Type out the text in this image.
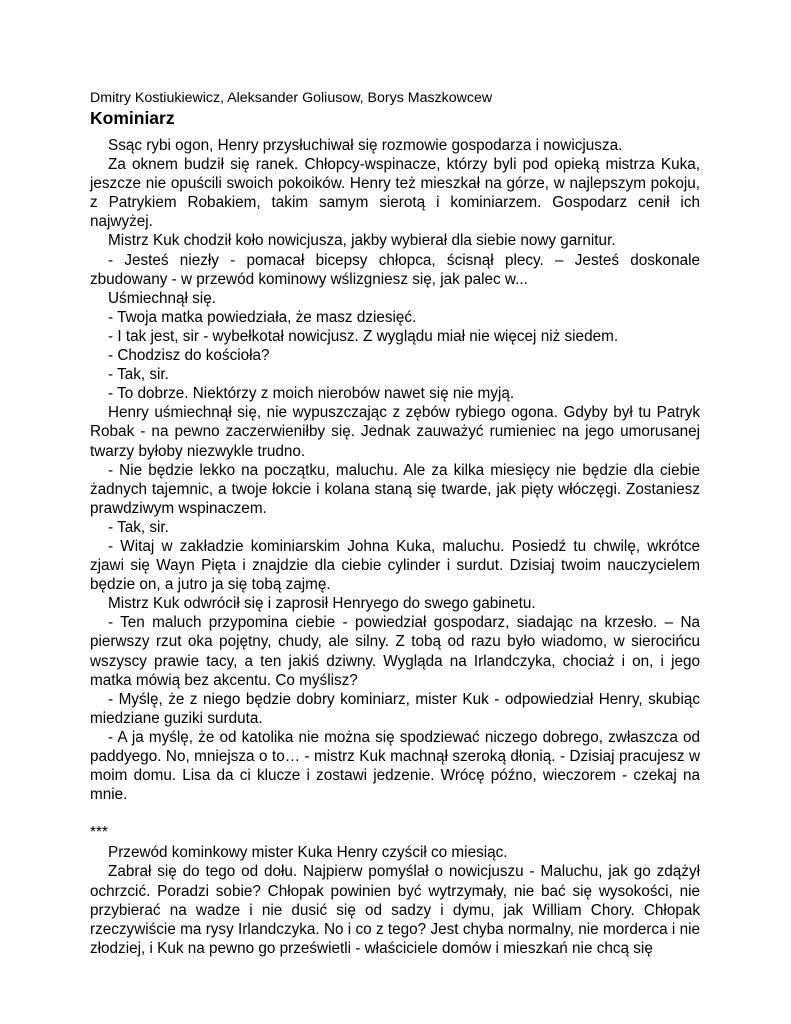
Dmitry Kostiukiewicz, Aleksander Goliusow, Borys Maszkowcew

Kominiarz

Ssąc rybi ogon, Henry przysłuchiwał się rozmowie gospodarza i nowicjusza.

Za oknem budził się ranek. Chłopcy-wspinacze, którzy byli pod opieką mistrza Kuka, jeszcze nie opuścili swoich pokoików. Henry też mieszkał na górze, w najlepszym pokoju, z Patrykiem Robakiem, takim samym sierotą i kominiarzem. Gospodarz cenił ich najwyżej.

Mistrz Kuk chodził koło nowicjusza, jakby wybierał dla siebie nowy garnitur.

- Jesteś niezły - pomacał bicepsy chłopca, ścisnął plecy. – Jesteś doskonale zbudowany - w przewód kominowy wślizgniesz się, jak palec w...

Uśmiechnął się.

- Twoja matka powiedziała, że masz dziesięć.

- I tak jest, sir - wybełkotał nowicjusz. Z wyglądu miał nie więcej niż siedem.

- Chodzisz do kościoła?

- Tak, sir.

- To dobrze. Niektórzy z moich nierobów nawet się nie myją.

Henry uśmiechnął się, nie wypuszczając z zębów rybiego ogona. Gdyby był tu Patryk Robak - na pewno zaczerwieniłby się. Jednak zauważyć rumieniec na jego umorusanej twarzy byłoby niezwykle trudno.

- Nie będzie lekko na początku, maluchu. Ale za kilka miesięcy nie będzie dla ciebie żadnych tajemnic, a twoje łokcie i kolana staną się twarde, jak pięty włóczęgi. Zostaniesz prawdziwym wspinaczem.

- Tak, sir.

- Witaj w zakładzie kominiarskim Johna Kuka, maluchu. Posiedź tu chwilę, wkrótce zjawi się Wayn Pięta i znajdzie dla ciebie cylinder i surdut. Dzisiaj twoim nauczycielem będzie on, a jutro ja się tobą zajmę.

Mistrz Kuk odwrócił się i zaprosił Henryego do swego gabinetu.

- Ten maluch przypomina ciebie - powiedział gospodarz, siadając na krzesło. – Na pierwszy rzut oka pojętny, chudy, ale silny. Z tobą od razu było wiadomo, w sierocińcu wszyscy prawie tacy, a ten jakiś dziwny. Wygląda na Irlandczyka, chociaż i on, i jego matka mówią bez akcentu. Co myślisz?

- Myślę, że z niego będzie dobry kominiarz, mister Kuk - odpowiedział Henry, skubiąc miedziane guziki surduta.

- A ja myślę, że od katolika nie można się spodziewać niczego dobrego, zwłaszcza od paddyego. No, mniejsza o to… - mistrz Kuk machnął szeroką dłonią. - Dzisiaj pracujesz w moim domu. Lisa da ci klucze i zostawi jedzenie. Wrócę późno, wieczorem - czekaj na mnie.

***

Przewód kominkowy mister Kuka Henry czyścił co miesiąc.

Zabrał się do tego od dołu. Najpierw pomyślał o nowicjuszu - Maluchu, jak go zdążył ochrzcić. Poradzi sobie? Chłopak powinien być wytrzymały, nie bać się wysokości, nie przybierać na wadze i nie dusić się od sadzy i dymu, jak William Chory. Chłopak rzeczywiście ma rysy Irlandczyka. No i co z tego? Jest chyba normalny, nie morderca i nie złodziej, i Kuk na pewno go prześwietli - właściciele domów i mieszkań nie chcą się
